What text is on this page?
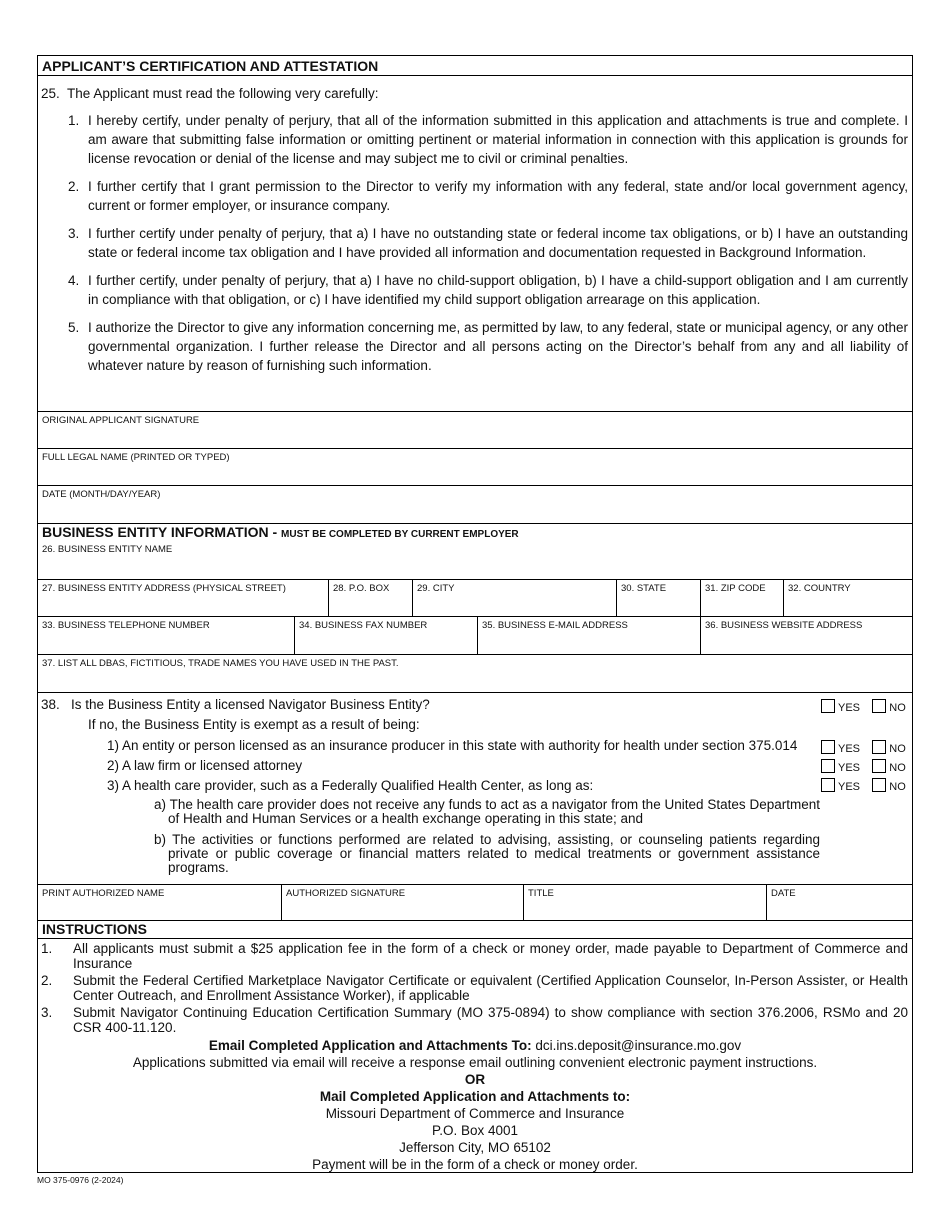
APPLICANT’S CERTIFICATION AND ATTESTATION
25. The Applicant must read the following very carefully:
1. I hereby certify, under penalty of perjury, that all of the information submitted in this application and attachments is true and complete. I am aware that submitting false information or omitting pertinent or material information in connection with this application is grounds for license revocation or denial of the license and may subject me to civil or criminal penalties.
2. I further certify that I grant permission to the Director to verify my information with any federal, state and/or local government agency, current or former employer, or insurance company.
3. I further certify under penalty of perjury, that a) I have no outstanding state or federal income tax obligations, or b) I have an outstanding state or federal income tax obligation and I have provided all information and documentation requested in Background Information.
4. I further certify, under penalty of perjury, that a) I have no child-support obligation, b) I have a child-support obligation and I am currently in compliance with that obligation, or c) I have identified my child support obligation arrearage on this application.
5. I authorize the Director to give any information concerning me, as permitted by law, to any federal, state or municipal agency, or any other governmental organization. I further release the Director and all persons acting on the Director’s behalf from any and all liability of whatever nature by reason of furnishing such information.
ORIGINAL APPLICANT SIGNATURE
FULL LEGAL NAME (PRINTED OR TYPED)
DATE (MONTH/DAY/YEAR)
BUSINESS ENTITY INFORMATION - MUST BE COMPLETED BY CURRENT EMPLOYER
26. BUSINESS ENTITY NAME
27. BUSINESS ENTITY ADDRESS (PHYSICAL STREET)	28. P.O. BOX	29. CITY	30. STATE	31. ZIP CODE	32. COUNTRY
33. BUSINESS TELEPHONE NUMBER	34. BUSINESS FAX NUMBER	35. BUSINESS E-MAIL ADDRESS	36. BUSINESS WEBSITE ADDRESS
37. LIST ALL DBAS, FICTITIOUS, TRADE NAMES YOU HAVE USED IN THE PAST.
38. Is the Business Entity a licensed Navigator Business Entity?
If no, the Business Entity is exempt as a result of being:
1) An entity or person licensed as an insurance producer in this state with authority for health under section 375.014
2) A law firm or licensed attorney
3) A health care provider, such as a Federally Qualified Health Center, as long as:
a) The health care provider does not receive any funds to act as a navigator from the United States Department of Health and Human Services or a health exchange operating in this state; and
b) The activities or functions performed are related to advising, assisting, or counseling patients regarding private or public coverage or financial matters related to medical treatments or government assistance programs.
YES	NO
YES	NO
YES	NO
YES	NO
PRINT AUTHORIZED NAME	AUTHORIZED SIGNATURE	TITLE	DATE
INSTRUCTIONS
1.	All applicants must submit a $25 application fee in the form of a check or money order, made payable to Department of Commerce and Insurance
2.	Submit the Federal Certified Marketplace Navigator Certificate or equivalent (Certified Application Counselor, In-Person Assister, or Health Center Outreach, and Enrollment Assistance Worker), if applicable
3.	Submit Navigator Continuing Education Certification Summary (MO 375-0894) to show compliance with section 376.2006, RSMo and 20 CSR 400-11.120.
Email Completed Application and Attachments To: dci.ins.deposit@insurance.mo.gov
Applications submitted via email will receive a response email outlining convenient electronic payment instructions.
OR
Mail Completed Application and Attachments to:
Missouri Department of Commerce and Insurance
P.O. Box 4001
Jefferson City, MO 65102
Payment will be in the form of a check or money order.
MO 375-0976 (2-2024)
